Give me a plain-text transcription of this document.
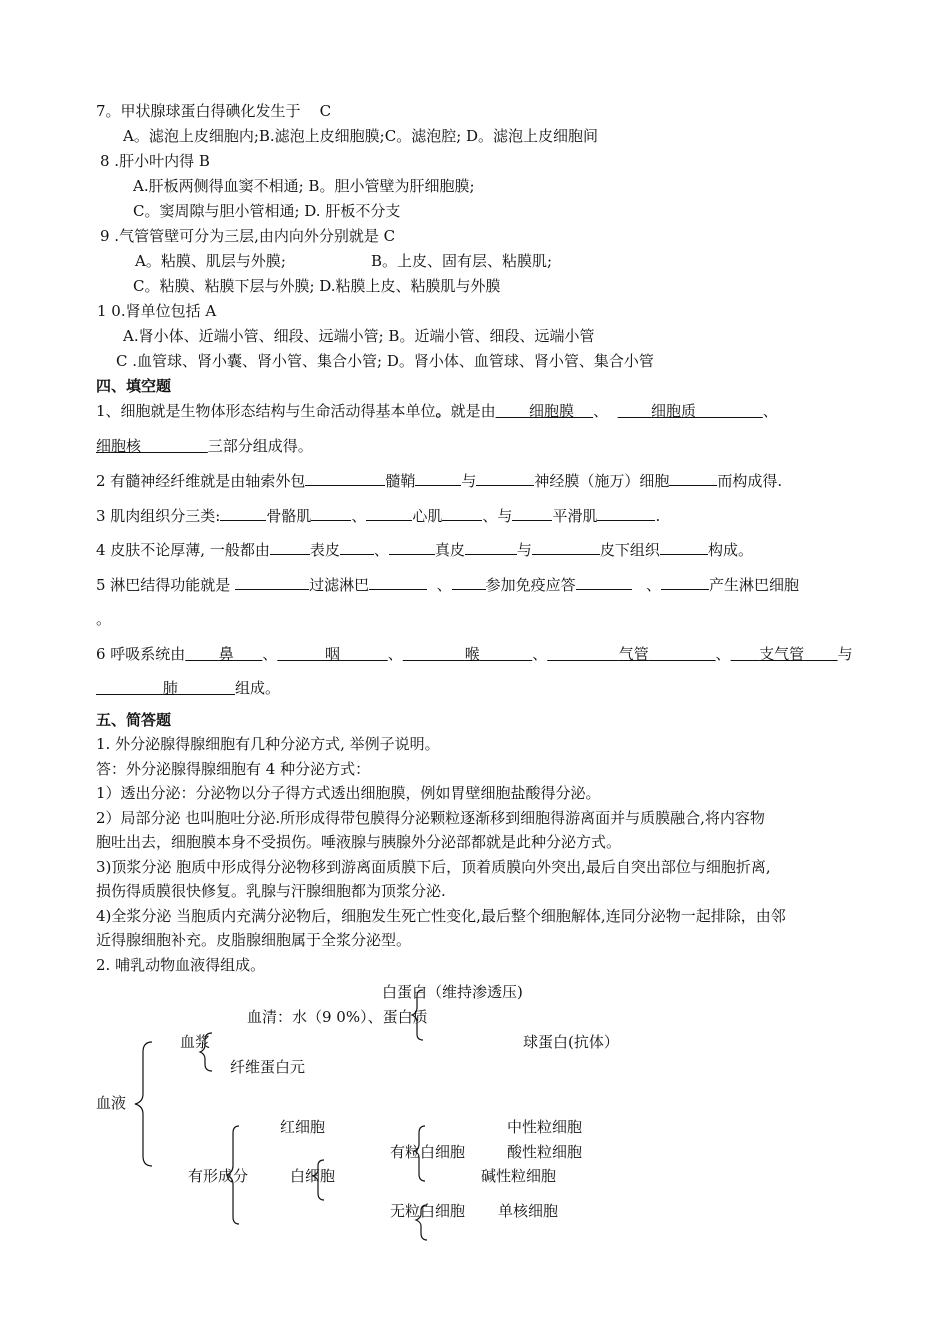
7。甲状腺球蛋白得碘化发生于 C
A。滤泡上皮细胞内;B.滤泡上皮细胞膜;C。滤泡腔; D。滤泡上皮细胞间
8 .肝小叶内得 B
A.肝板两侧得血窦不相通; B。胆小管壁为肝细胞膜;
C。窦周隙与胆小管相通; D. 肝板不分支
9 .气管管壁可分为三层,由内向外分别就是 C
A。粘膜、肌层与外膜;	B。上皮、固有层、粘膜肌;
C。粘膜、粘膜下层与外膜; D.粘膜上皮、粘膜肌与外膜
1 0.肾单位包括 A
A.肾小体、近端小管、细段、远端小管; B。近端小管、细段、远端小管
C .血管球、肾小囊、肾小管、集合小管; D。肾小体、血管球、肾小管、集合小管
四、填空题
1、细胞就是生物体形态结构与生命活动得基本单位。就是由 细胞膜 、	细胞质	、
细胞核	三部分组成得。
2 有髓神经纤维就是由轴索外包	髓鞘	与	神经膜（施万）细胞	而构成得.
3 肌肉组织分三类:	骨骼肌	、	心肌	、与	平滑肌	.
4 皮肤不论厚薄, 一般都由	表皮 、	真皮	与	皮下组织	构成。
5 淋巴结得功能就是	过滤淋巴	、 参加免疫应答	、	产生淋巴细胞
。
6 呼吸系统由 鼻 、	咽	、	喉	、	气管	、 支气管 与
肺	组成。
五、简答题
1. 外分泌腺得腺细胞有几种分泌方式, 举例子说明。
答：外分泌腺得腺细胞有 4 种分泌方式：
1）透出分泌：分泌物以分子得方式透出细胞膜，例如胃壁细胞盐酸得分泌。
2）局部分泌 也叫胞吐分泌.所形成得带包膜得分泌颗粒逐渐移到细胞得游离面并与质膜融合,将内容物
胞吐出去，细胞膜本身不受损伤。唾液腺与胰腺外分泌部都就是此种分泌方式。
3)顶浆分泌 胞质中形成得分泌物移到游离面质膜下后，顶着质膜向外突出,最后自突出部位与细胞折离,
损伤得质膜很快修复。乳腺与汗腺细胞都为顶浆分泌.
4)全浆分泌 当胞质内充满分泌物后，细胞发生死亡性变化,最后整个细胞解体,连同分泌物一起排除，由邻
近得腺细胞补充。皮脂腺细胞属于全浆分泌型。
2. 哺乳动物血液得组成。
白蛋白（维持渗透压)
血清：水（9 0%）、蛋白质
血浆	球蛋白(抗体）
纤维蛋白元
血液
红细胞	中性粒细胞
有粒白细胞	酸性粒细胞
有形成分	白细胞	碱性粒细胞
无粒白细胞 单核细胞
